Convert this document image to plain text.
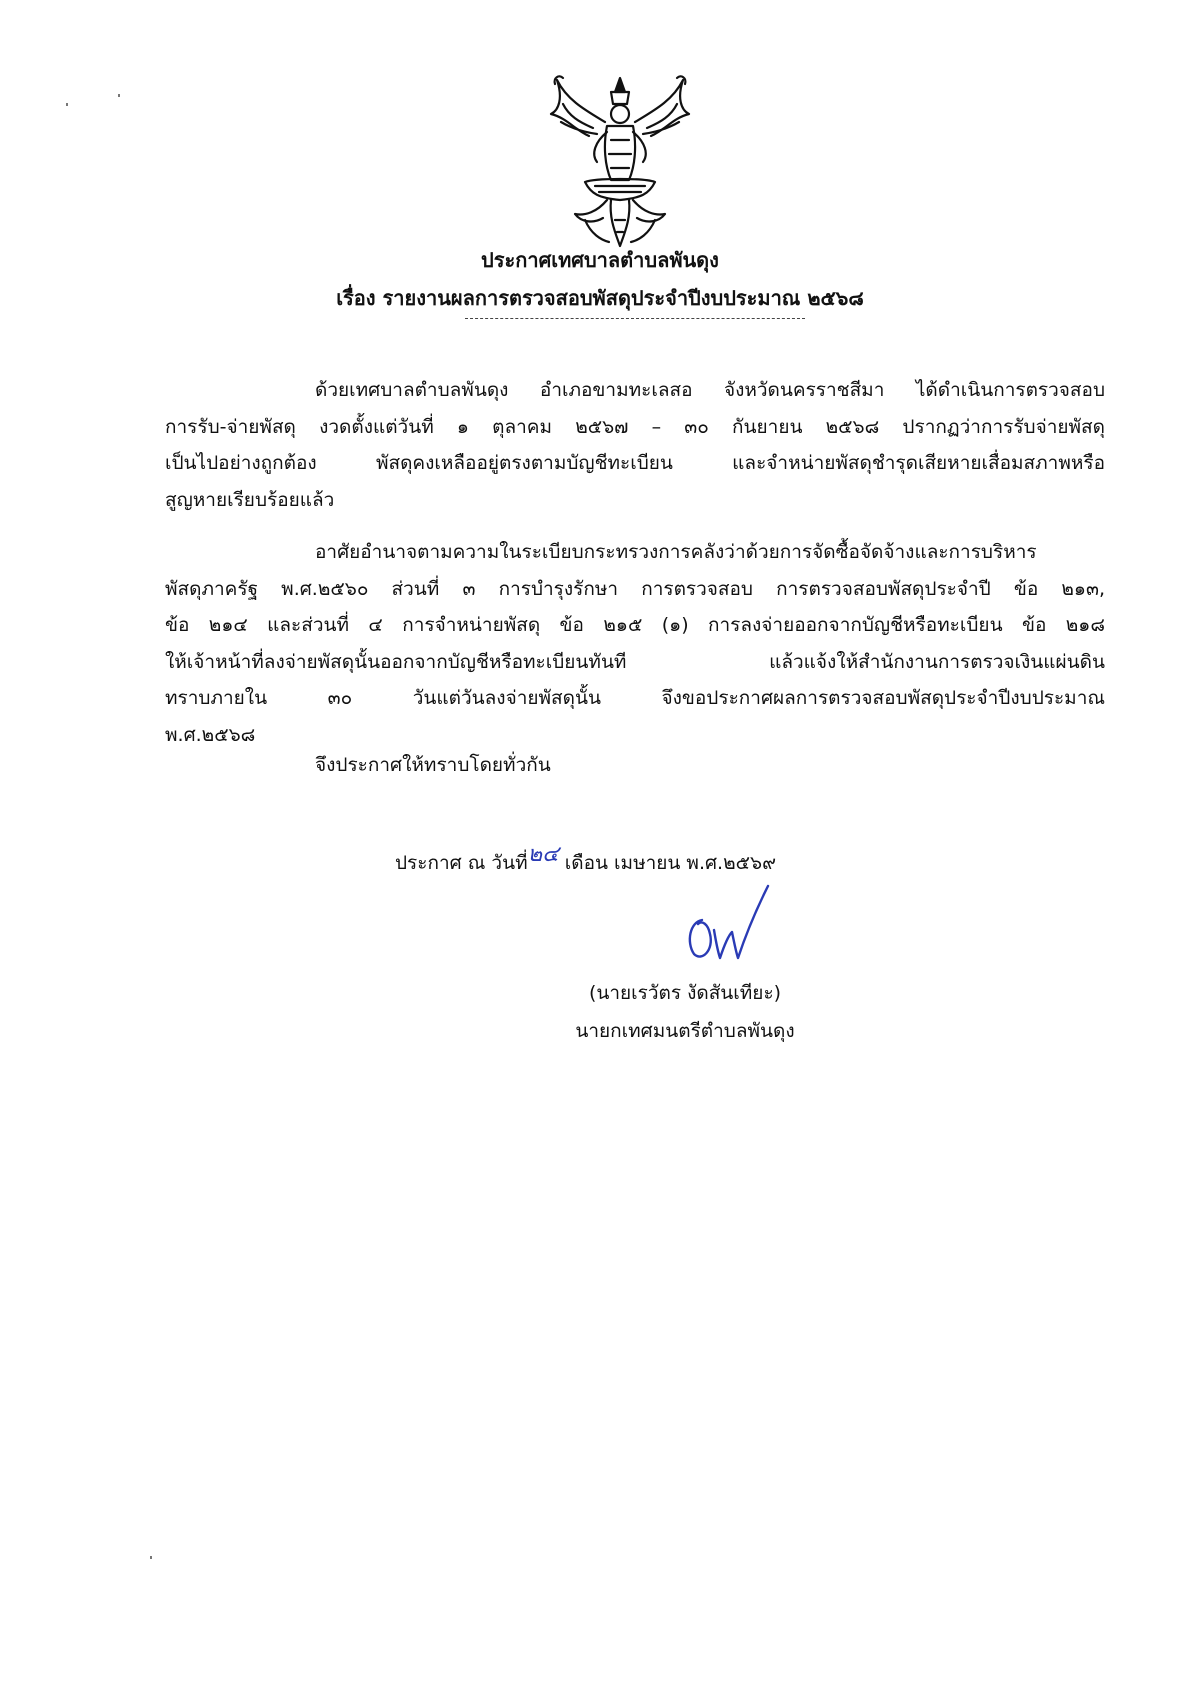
ประกาศเทศบาลตำบลพันดุง
เรื่อง รายงานผลการตรวจสอบพัสดุประจำปีงบประมาณ ๒๕๖๘
ด้วยเทศบาลตำบลพันดุง อำเภอขามทะเลสอ จังหวัดนครราชสีมา ได้ดำเนินการตรวจสอบ
การรับ-จ่ายพัสดุ งวดตั้งแต่วันที่ ๑ ตุลาคม ๒๕๖๗ – ๓๐ กันยายน ๒๕๖๘ ปรากฏว่าการรับจ่ายพัสดุ
เป็นไปอย่างถูกต้อง พัสดุคงเหลืออยู่ตรงตามบัญชีทะเบียน และจำหน่ายพัสดุชำรุดเสียหายเสื่อมสภาพหรือ
สูญหายเรียบร้อยแล้ว
อาศัยอำนาจตามความในระเบียบกระทรวงการคลังว่าด้วยการจัดซื้อจัดจ้างและการบริหาร
พัสดุภาครัฐ พ.ศ.๒๕๖๐ ส่วนที่ ๓ การบำรุงรักษา การตรวจสอบ การตรวจสอบพัสดุประจำปี ข้อ ๒๑๓,
ข้อ ๒๑๔ และส่วนที่ ๔ การจำหน่ายพัสดุ ข้อ ๒๑๕ (๑) การลงจ่ายออกจากบัญชีหรือทะเบียน ข้อ ๒๑๘
ให้เจ้าหน้าที่ลงจ่ายพัสดุนั้นออกจากบัญชีหรือทะเบียนทันที แล้วแจ้งให้สำนักงานการตรวจเงินแผ่นดิน
ทราบภายใน ๓๐ วันแต่วันลงจ่ายพัสดุนั้น จึงขอประกาศผลการตรวจสอบพัสดุประจำปีงบประมาณ
พ.ศ.๒๕๖๘
จึงประกาศให้ทราบโดยทั่วกัน
ประกาศ ณ วันที่๒๔ เดือน เมษายน พ.ศ.๒๕๖๙
(นายเรวัตร งัดสันเทียะ)
นายกเทศมนตรีตำบลพันดุง
